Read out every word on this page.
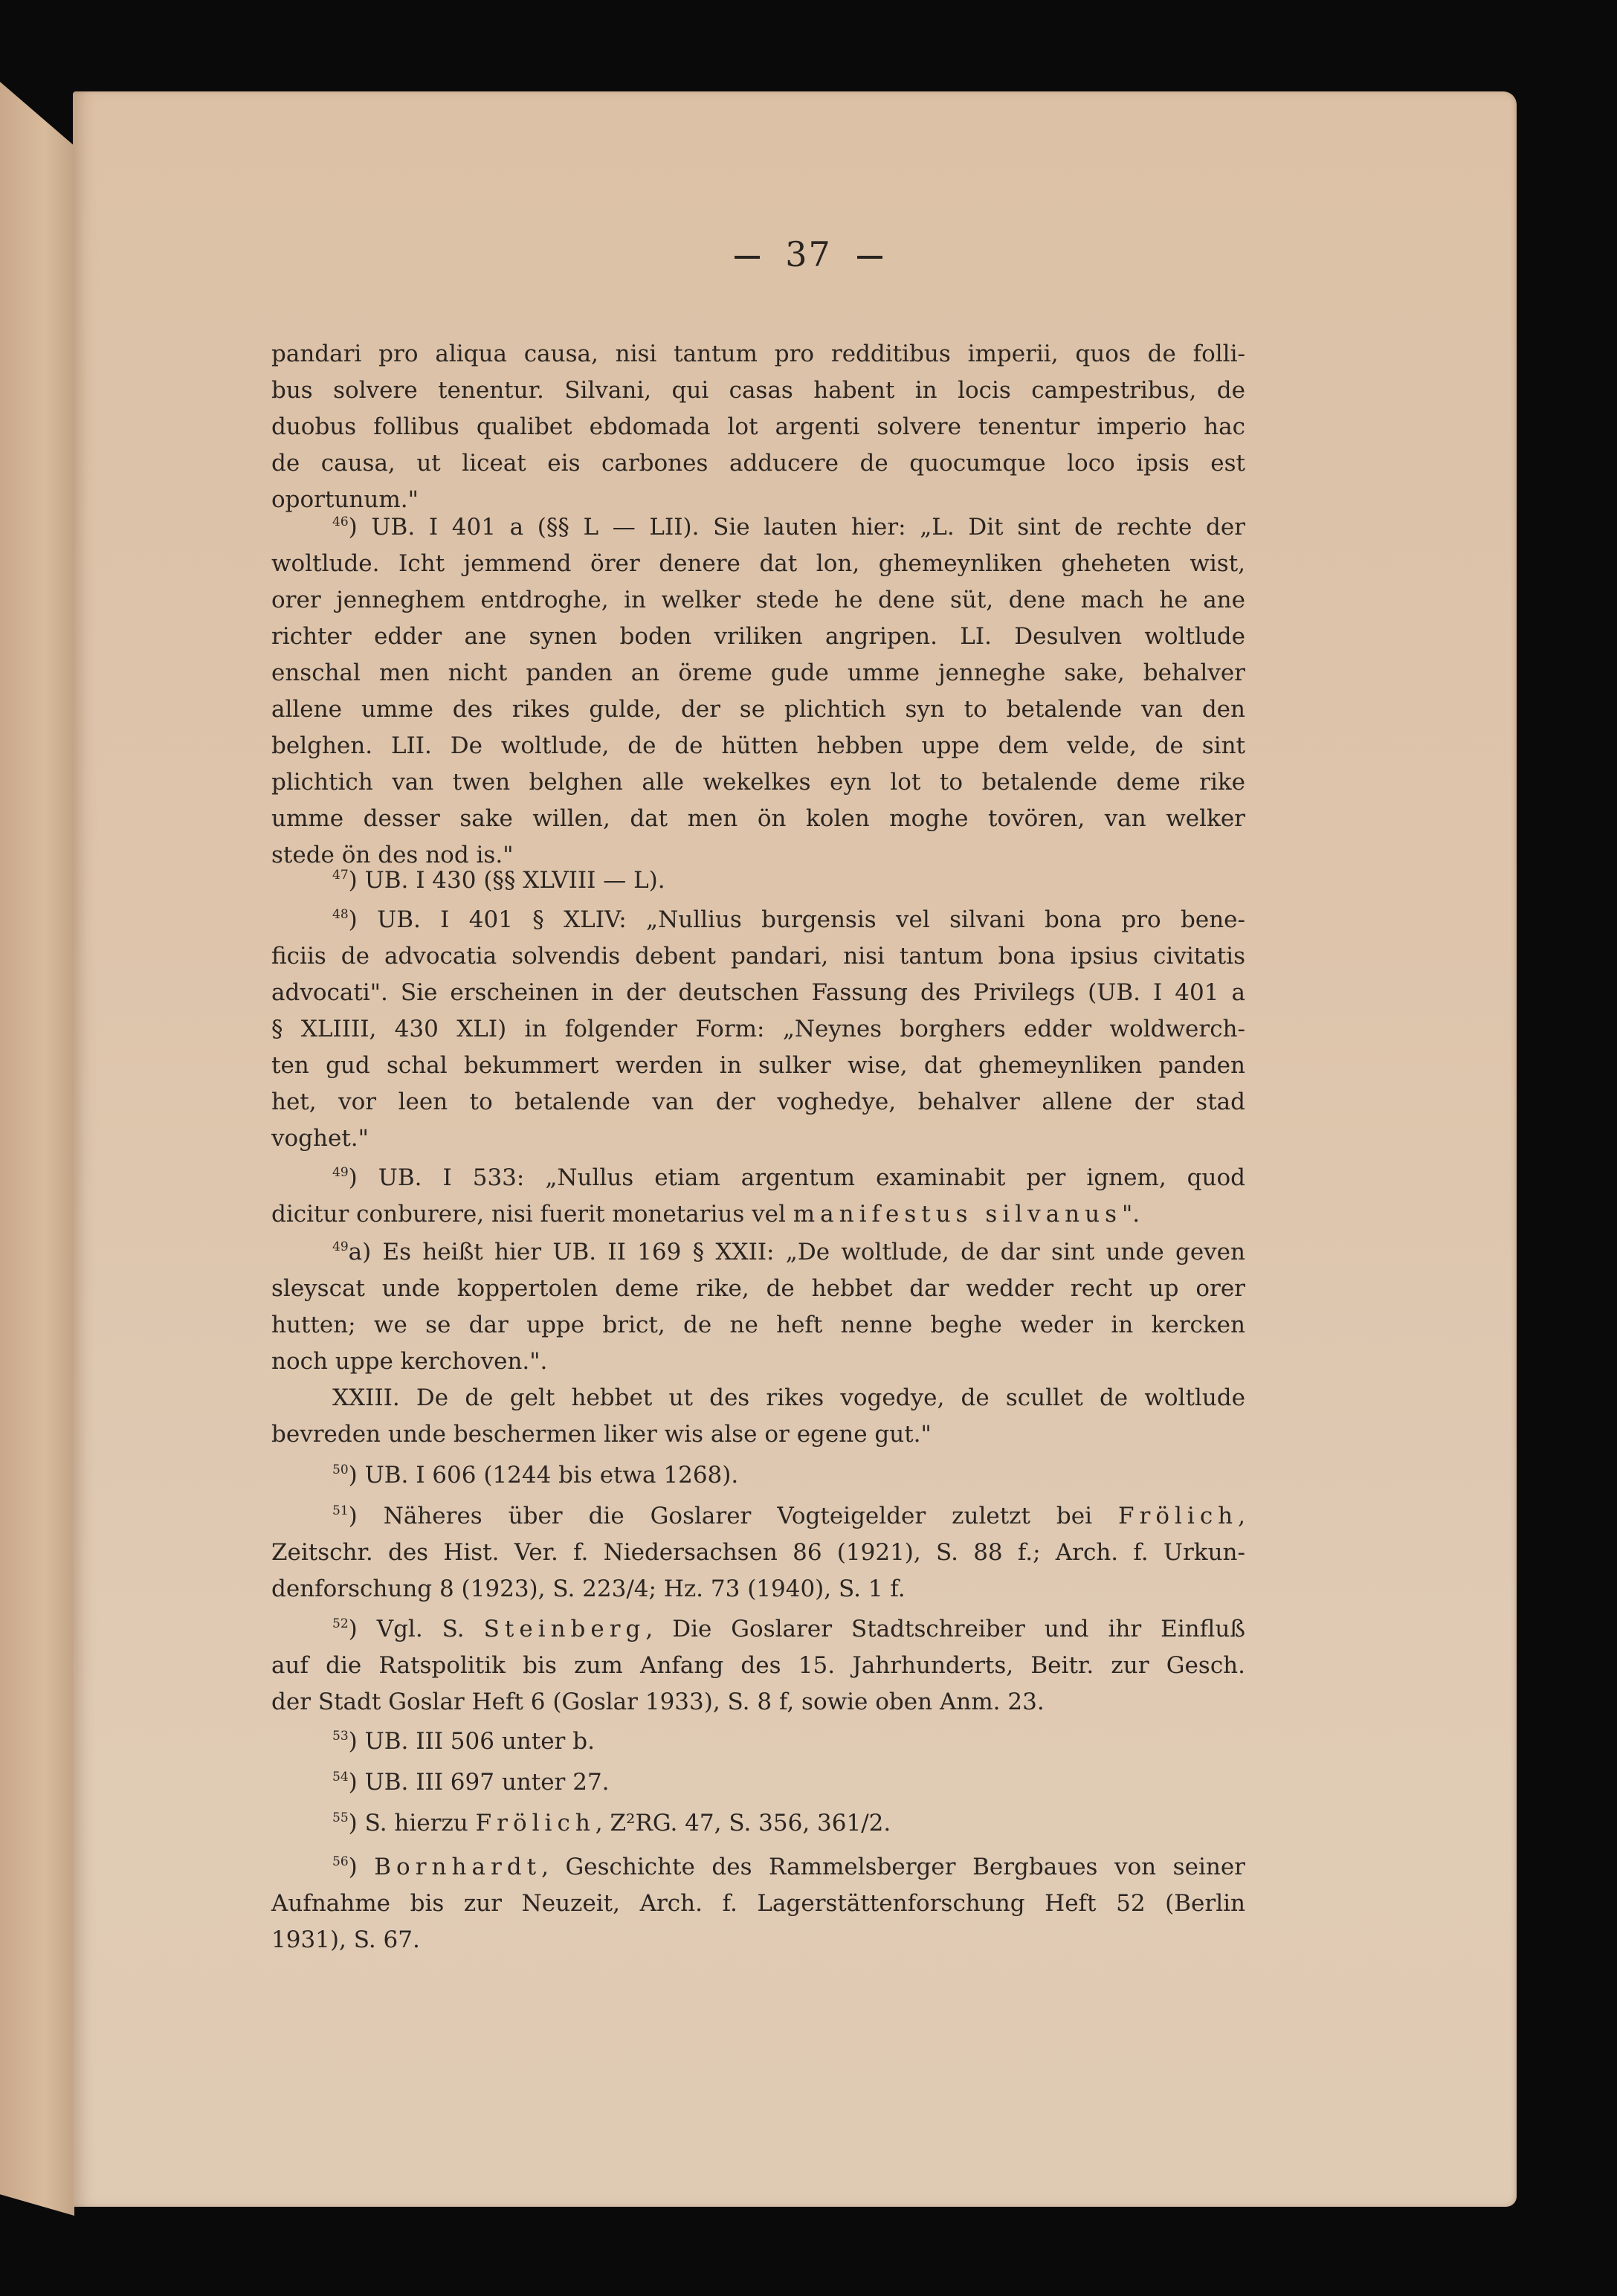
37
pandari pro aliqua causa, nisi tantum pro redditibus imperii, quos de folli-
bus solvere tenentur. Silvani, qui casas habent in locis campestribus, de
duobus follibus qualibet ebdomada lot argenti solvere tenentur imperio hac
de causa, ut liceat eis carbones adducere de quocumque loco ipsis est
oportunum."
$^{46}$) UB. I 401 a (§§ L — LII). Sie lauten hier: „L. Dit sint de rechte der
woltlude. Icht jemmend örer denere dat lon, ghemeynliken gheheten wist,
orer jenneghem entdroghe, in welker stede he dene süt, dene mach he ane
richter edder ane synen boden vriliken angripen. LI. Desulven woltlude
enschal men nicht panden an öreme gude umme jenneghe sake, behalver
allene umme des rikes gulde, der se plichtich syn to betalende van den
belghen. LII. De woltlude, de de hütten hebben uppe dem velde, de sint
plichtich van twen belghen alle wekelkes eyn lot to betalende deme rike
umme desser sake willen, dat men ön kolen moghe tovören, van welker
stede ön des nod is."
$^{47}$) UB. I 430 (§§ XLVIII — L).
$^{48}$) UB. I 401 § XLIV: „Nullius burgensis vel silvani bona pro bene-
ficiis de advocatia solvendis debent pandari, nisi tantum bona ipsius civitatis
advocati". Sie erscheinen in der deutschen Fassung des Privilegs (UB. I 401 a
§ XLIIII, 430 XLI) in folgender Form: „Neynes borghers edder woldwerch-
ten gud schal bekummert werden in sulker wise, dat ghemeynliken panden
het, vor leen to betalende van der voghedye, behalver allene der stad
voghet."
$^{49}$) UB. I 533: „Nullus etiam argentum examinabit per ignem, quod
dicitur conburere, nisi fuerit monetarius vel manifestus silvanus".
$^{49}$a) Es heißt hier UB. II 169 § XXII: „De woltlude, de dar sint unde geven
sleyscat unde koppertolen deme rike, de hebbet dar wedder recht up orer
hutten; we se dar uppe brict, de ne heft nenne beghe weder in kercken
noch uppe kerchoven.".
XXIII. De de gelt hebbet ut des rikes vogedye, de scullet de woltlude
bevreden unde beschermen liker wis alse or egene gut."
$^{50}$) UB. I 606 (1244 bis etwa 1268).
$^{51}$) Näheres über die Goslarer Vogteigelder zuletzt bei Frölich,
Zeitschr. des Hist. Ver. f. Niedersachsen 86 (1921), S. 88 f.; Arch. f. Urkun-
denforschung 8 (1923), S. 223/4; Hz. 73 (1940), S. 1 f.
$^{52}$) Vgl. S. Steinberg, Die Goslarer Stadtschreiber und ihr Einfluß
auf die Ratspolitik bis zum Anfang des 15. Jahrhunderts, Beitr. zur Gesch.
der Stadt Goslar Heft 6 (Goslar 1933), S. 8 f, sowie oben Anm. 23.
$^{53}$) UB. III 506 unter b.
$^{54}$) UB. III 697 unter 27.
$^{55}$) S. hierzu Frölich, Z²RG. 47, S. 356, 361/2.
$^{56}$) Bornhardt, Geschichte des Rammelsberger Bergbaues von seiner
Aufnahme bis zur Neuzeit, Arch. f. Lagerstättenforschung Heft 52 (Berlin
1931), S. 67.
